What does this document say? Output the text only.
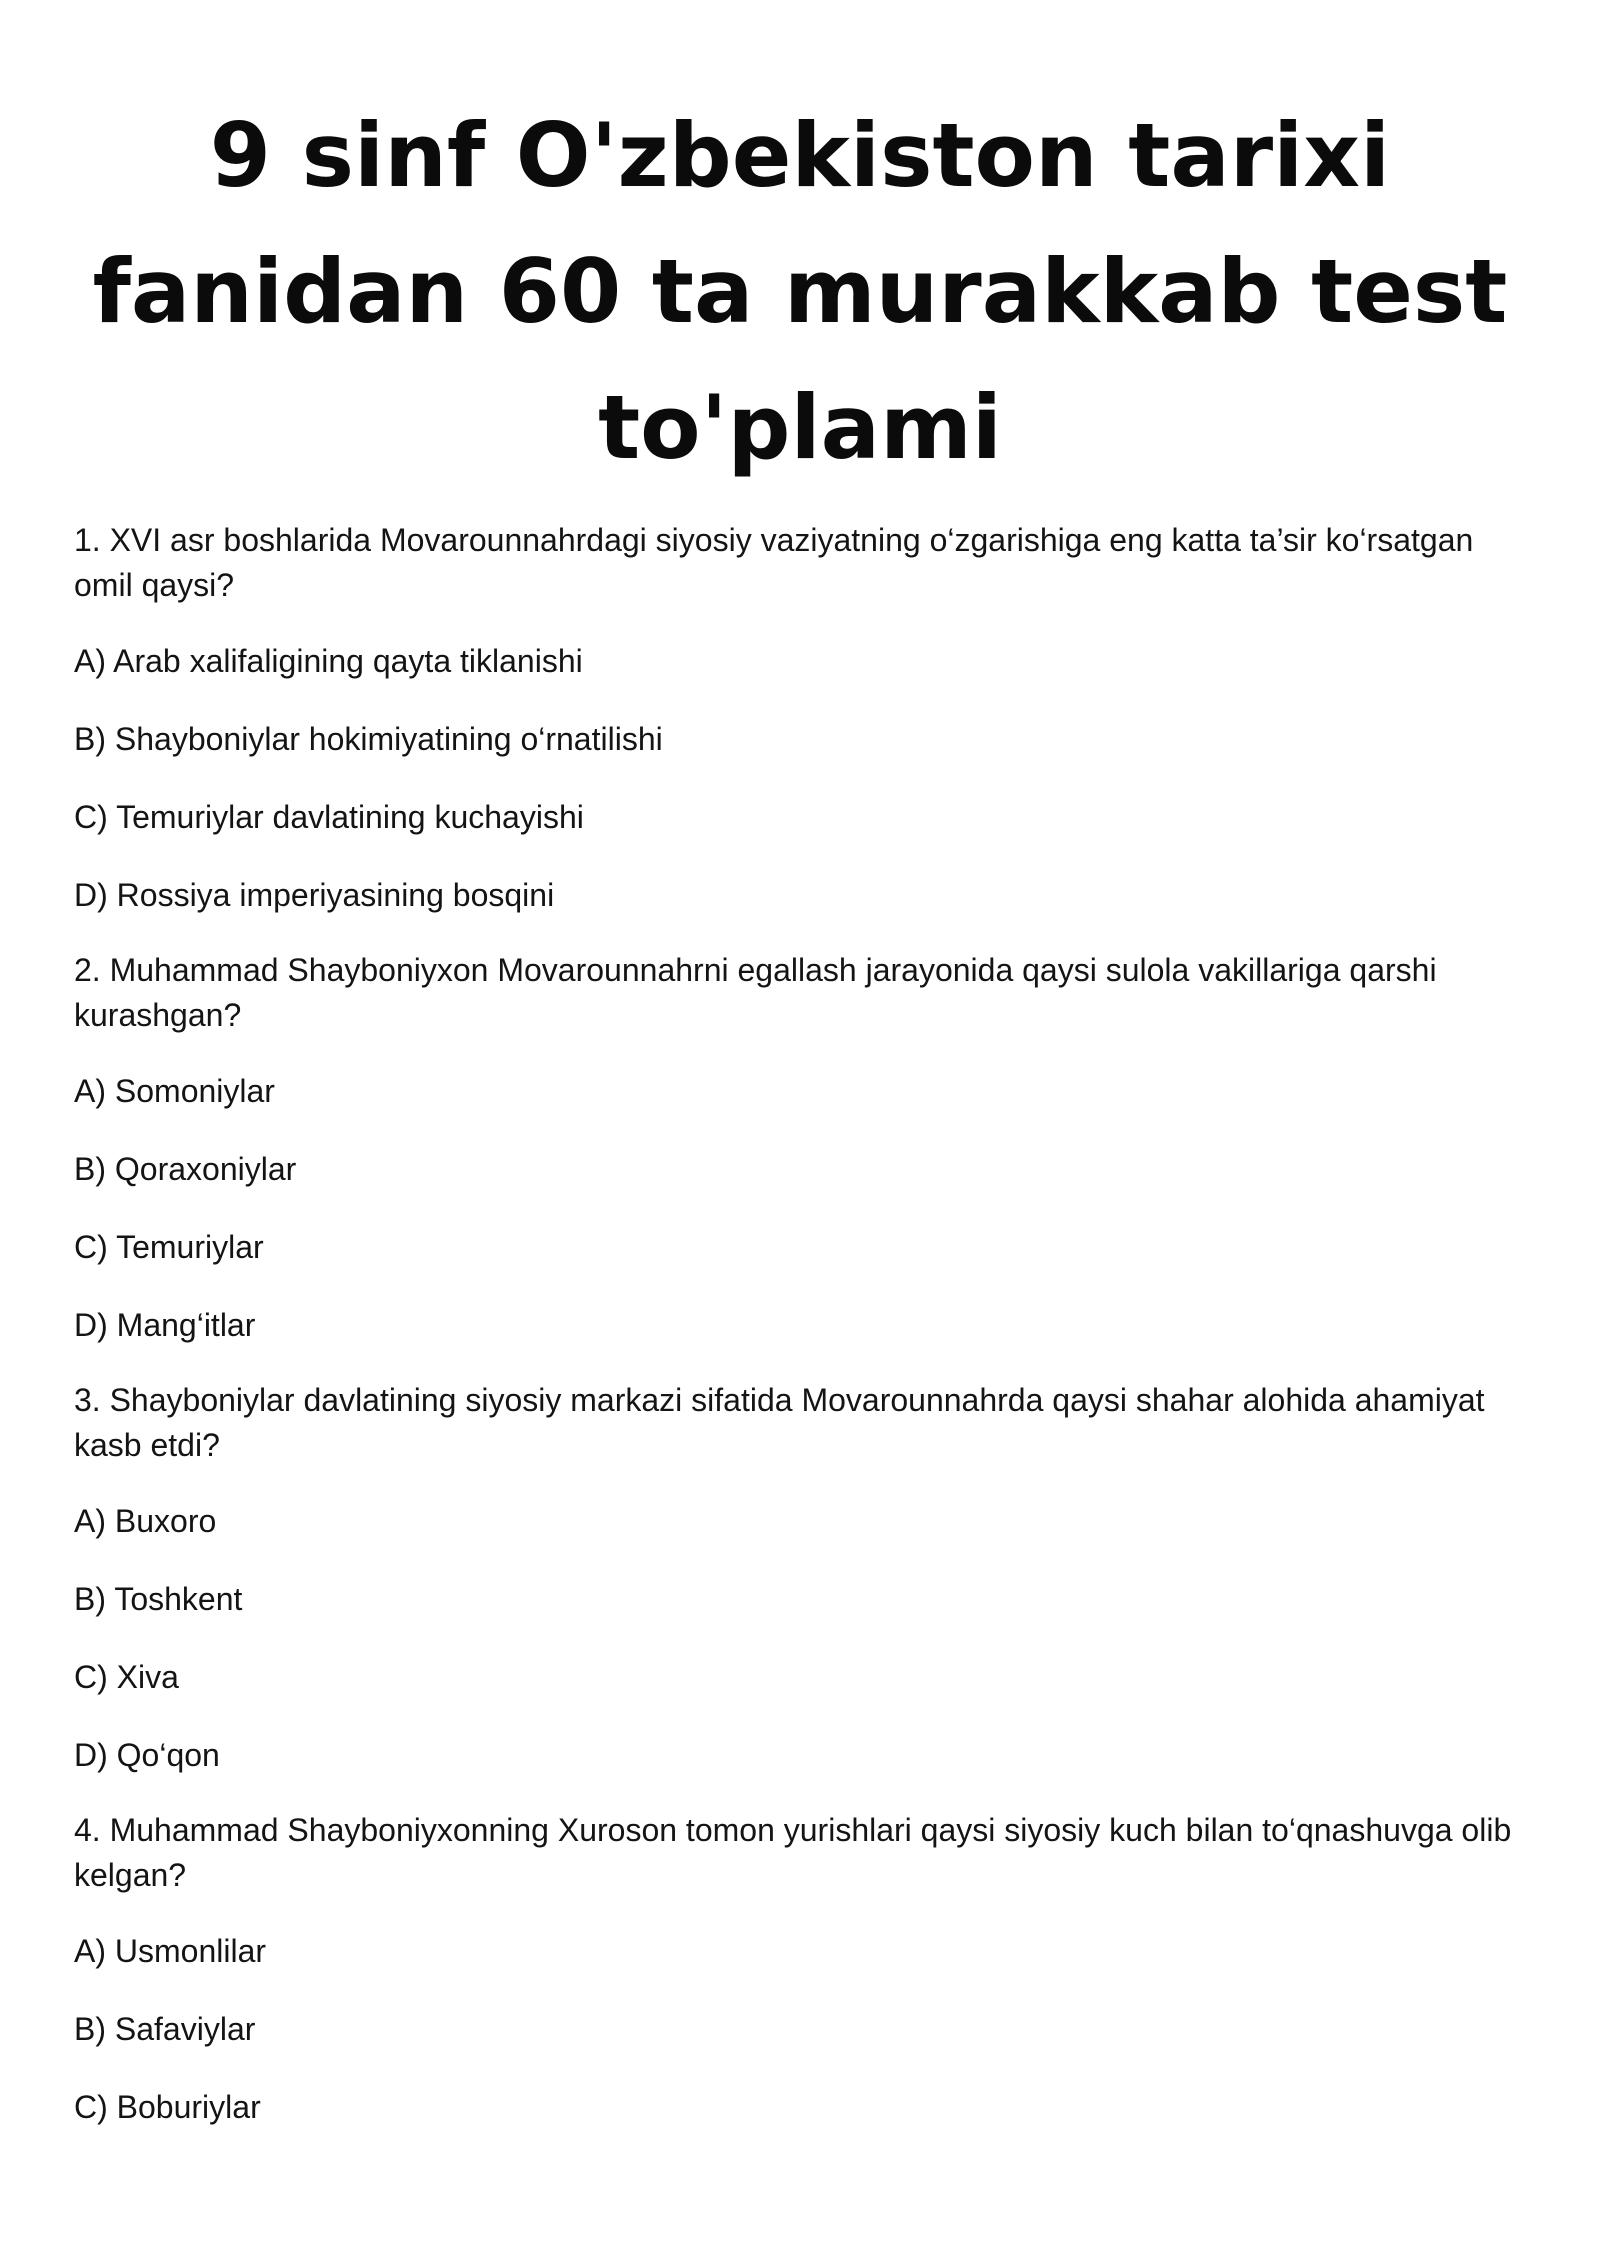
9 sinf O'zbekiston tarixi fanidan 60 ta murakkab test to'plami

1. XVI asr boshlarida Movarounnahrdagi siyosiy vaziyatning o‘zgarishiga eng katta ta’sir ko‘rsatgan omil qaysi?

A) Arab xalifaligining qayta tiklanishi
B) Shayboniylar hokimiyatining o‘rnatilishi
C) Temuriylar davlatining kuchayishi
D) Rossiya imperiyasining bosqini

2. Muhammad Shayboniyxon Movarounnahrni egallash jarayonida qaysi sulola vakillariga qarshi kurashgan?

A) Somoniylar
B) Qoraxoniylar
C) Temuriylar
D) Mang‘itlar

3. Shayboniylar davlatining siyosiy markazi sifatida Movarounnahrda qaysi shahar alohida ahamiyat kasb etdi?

A) Buxoro
B) Toshkent
C) Xiva
D) Qo‘qon

4. Muhammad Shayboniyxonning Xuroson tomon yurishlari qaysi siyosiy kuch bilan to‘qnashuvga olib kelgan?

A) Usmonlilar
B) Safaviylar
C) Boburiylar
